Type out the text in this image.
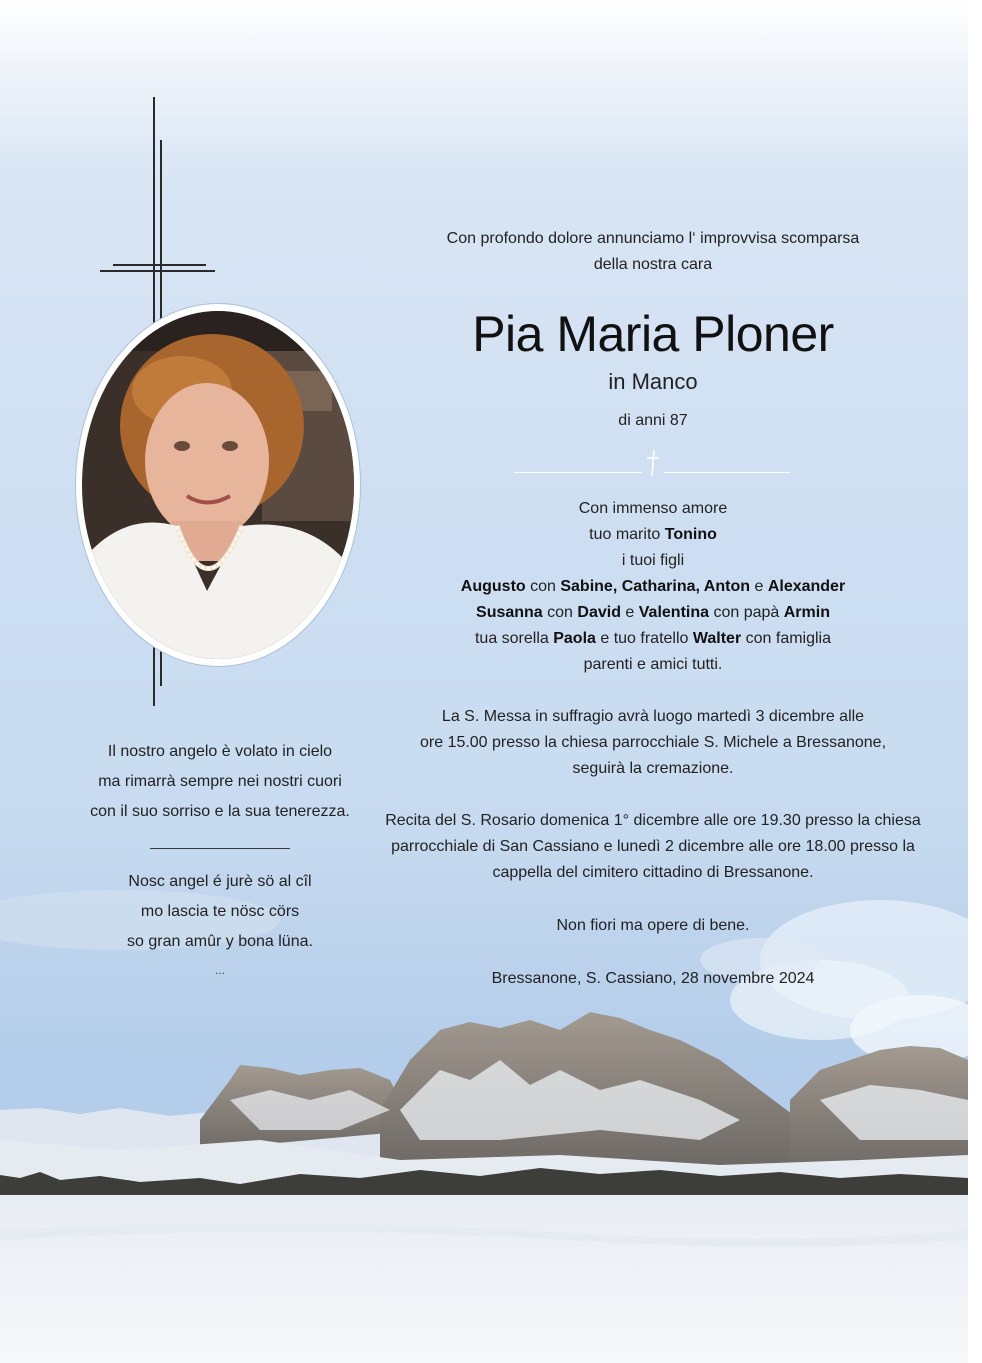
Con profondo dolore annunciamo l‘ improvvisa scomparsa
della nostra cara
Pia Maria Ploner
in Manco
di anni 87
Con immenso amore
tuo marito Tonino
i tuoi figli
Augusto con Sabine, Catharina, Anton e Alexander
Susanna con David e Valentina con papà Armin
tua sorella Paola e tuo fratello Walter con famiglia
parenti e amici tutti.
La S. Messa in suffragio avrà luogo martedì 3 dicembre alle
ore 15.00 presso la chiesa parrocchiale S. Michele a Bressanone,
seguirà la cremazione.
Recita del S. Rosario domenica 1° dicembre alle ore 19.30 presso la chiesa
parrocchiale di San Cassiano e lunedì 2 dicembre alle ore 18.00 presso la
cappella del cimitero cittadino di Bressanone.
Non fiori ma opere di bene.
Bressanone, S. Cassiano, 28 novembre 2024
Il nostro angelo è volato in cielo
ma rimarrà sempre nei nostri cuori
con il suo sorriso e la sua tenerezza.
Nosc angel é jurè sö al cîl
mo lascia te nösc cörs
so gran amûr y bona lüna.
...
